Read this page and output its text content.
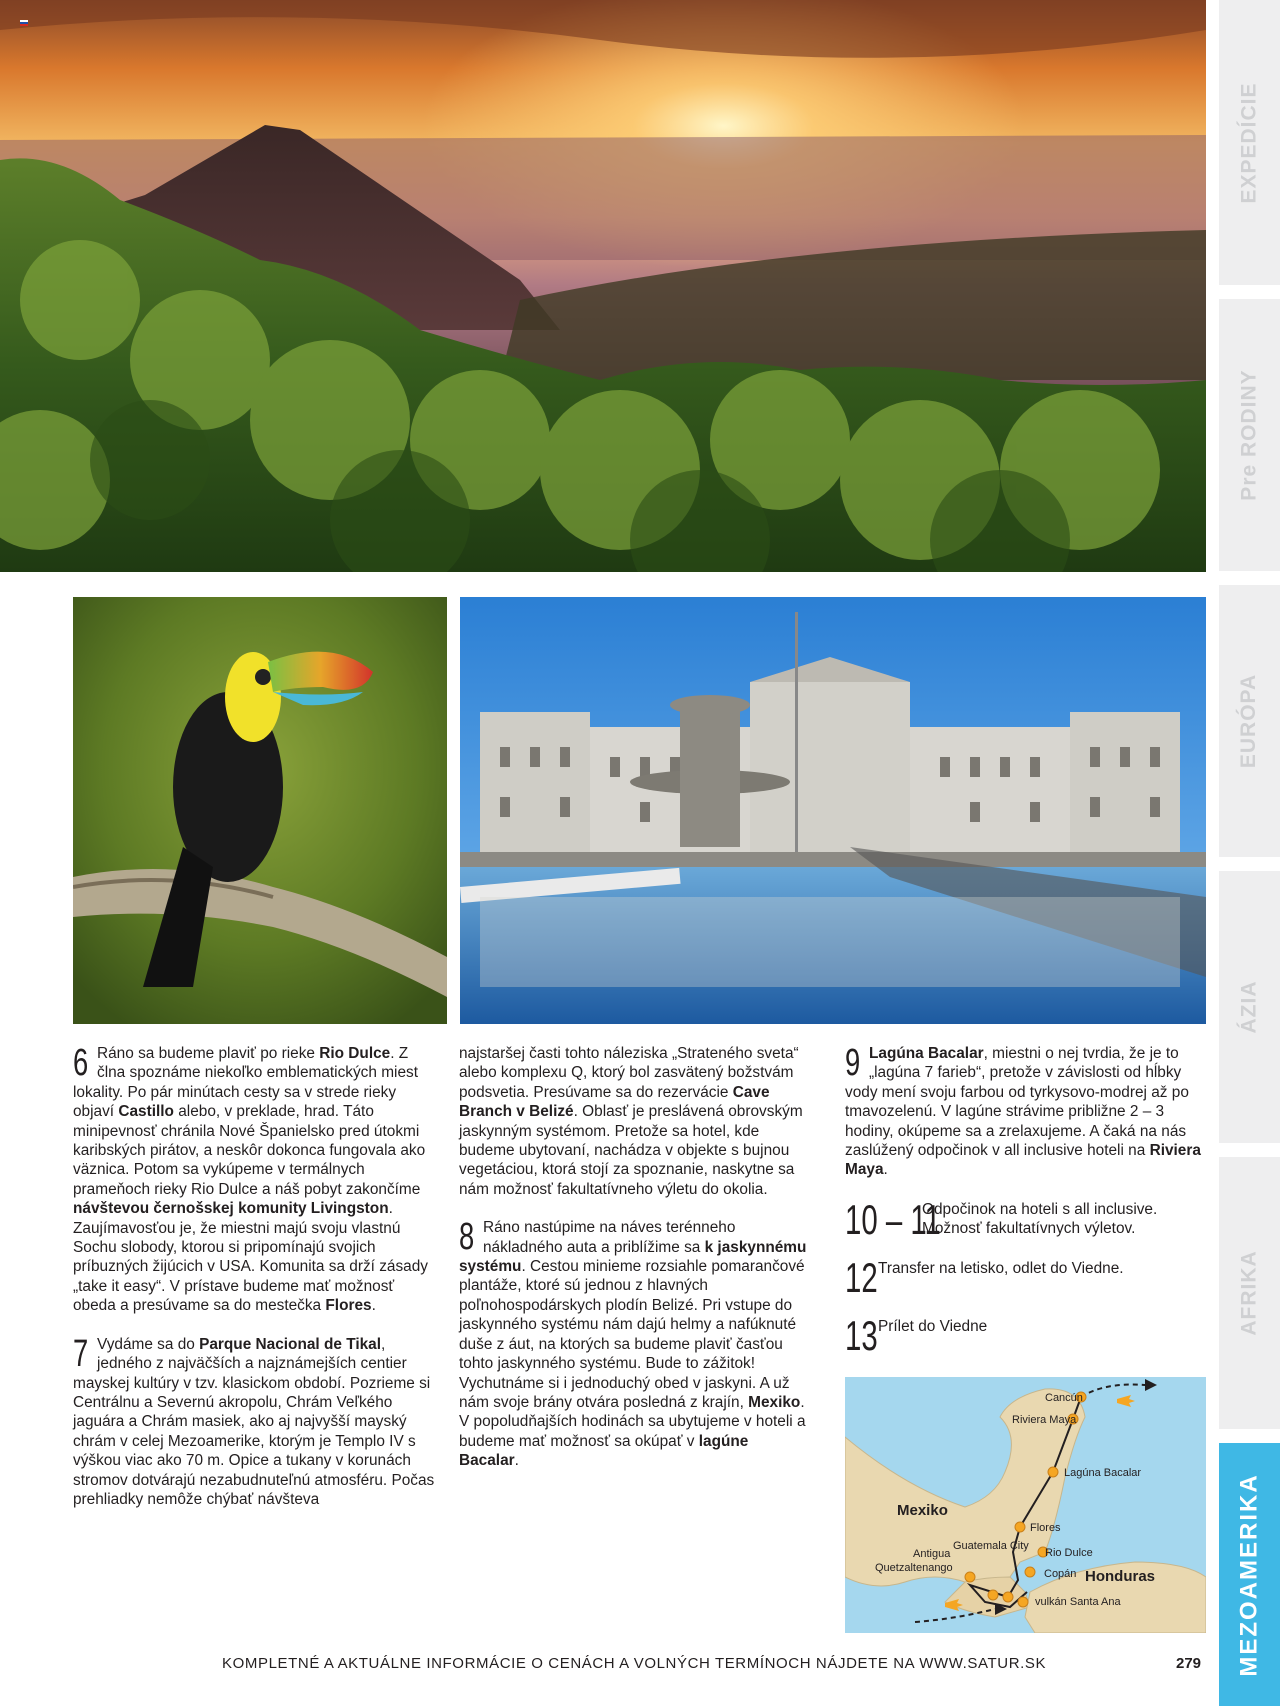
EXPEDÍCIE
Pre RODINY
EURÓPA
ÁZIA
AFRIKA
MEZOAMERIKA

6 Ráno sa budeme plaviť po rieke Rio Dulce. Z člna spoznáme niekoľko emblematických miest lokality. Po pár minútach cesty sa v strede rieky objaví Castillo alebo, v preklade, hrad. Táto minipevnosť chránila Nové Španielsko pred útokmi karibských pirátov, a neskôr dokonca fungovala ako väznica. Potom sa vykúpeme v termálnych prameňoch rieky Rio Dulce a náš pobyt zakončíme návštevou černošskej komunity Livingston. Zaujímavosťou je, že miestni majú svoju vlastnú Sochu slobody, ktorou si pripomínajú svojich príbuzných žijúcich v USA. Komunita sa drží zásady „take it easy“. V prístave budeme mať možnosť obeda a presúvame sa do mestečka Flores.

7 Vydáme sa do Parque Nacional de Tikal, jedného z najväčších a najznámejších centier mayskej kultúry v tzv. klasickom období. Pozrieme si Centrálnu a Severnú akropolu, Chrám Veľkého jaguára a Chrám masiek, ako aj najvyšší mayský chrám v celej Mezoamerike, ktorým je Templo IV s výškou viac ako 70 m. Opice a tukany v korunách stromov dotvárajú nezabudnuteľnú atmosféru. Počas prehliadky nemôže chýbať návšteva

najstaršej časti tohto náleziska „Strateného sveta“ alebo komplexu Q, ktorý bol zasvätený božstvám podsvetia. Presúvame sa do rezervácie Cave Branch v Belizé. Oblasť je preslávená obrovským jaskynným systémom. Pretože sa hotel, kde budeme ubytovaní, nachádza v objekte s bujnou vegetáciou, ktorá stojí za spoznanie, naskytne sa nám možnosť fakultatívneho výletu do okolia.

8 Ráno nastúpime na náves terénneho nákladného auta a priblížime sa k jaskynnému systému. Cestou minieme rozsiahle pomarančové plantáže, ktoré sú jednou z hlavných poľnohospodárskych plodín Belizé. Pri vstupe do jaskynného systému nám dajú helmy a nafúknuté duše z áut, na ktorých sa budeme plaviť časťou tohto jaskynného systému. Bude to zážitok! Vychutnáme si i jednoduchý obed v jaskyni. A už nám svoje brány otvára posledná z krajín, Mexiko. V popoludňajších hodinách sa ubytujeme v hoteli a budeme mať možnosť sa okúpať v lagúne Bacalar.

9 Lagúna Bacalar, miestni o nej tvrdia, že je to „lagúna 7 farieb“, pretože v závislosti od hĺbky vody mení svoju farbou od tyrkysovo-modrej až po tmavozelenú. V lagúne strávime približne 2 – 3 hodiny, okúpeme sa a zrelaxujeme. A čaká na nás zaslúžený odpočinok v all inclusive hoteli na Riviera Maya.

10 – 11
Odpočinok na hoteli s all inclusive.
Možnosť fakultatívnych výletov.
12 Transfer na letisko, odlet do Viedne.
13 Prílet do Viedne
Cancún
Riviera Maya
Lagúna Bacalar
Flores
Guatemala City
Antigua
Quetzaltenango
Rio Dulce
Copán
vulkán Santa Ana
Mexiko
Honduras
KOMPLETNÉ A AKTUÁLNE INFORMÁCIE O CENÁCH A VOLNÝCH TERMÍNOCH NÁJDETE NA WWW.SATUR.SK	279
